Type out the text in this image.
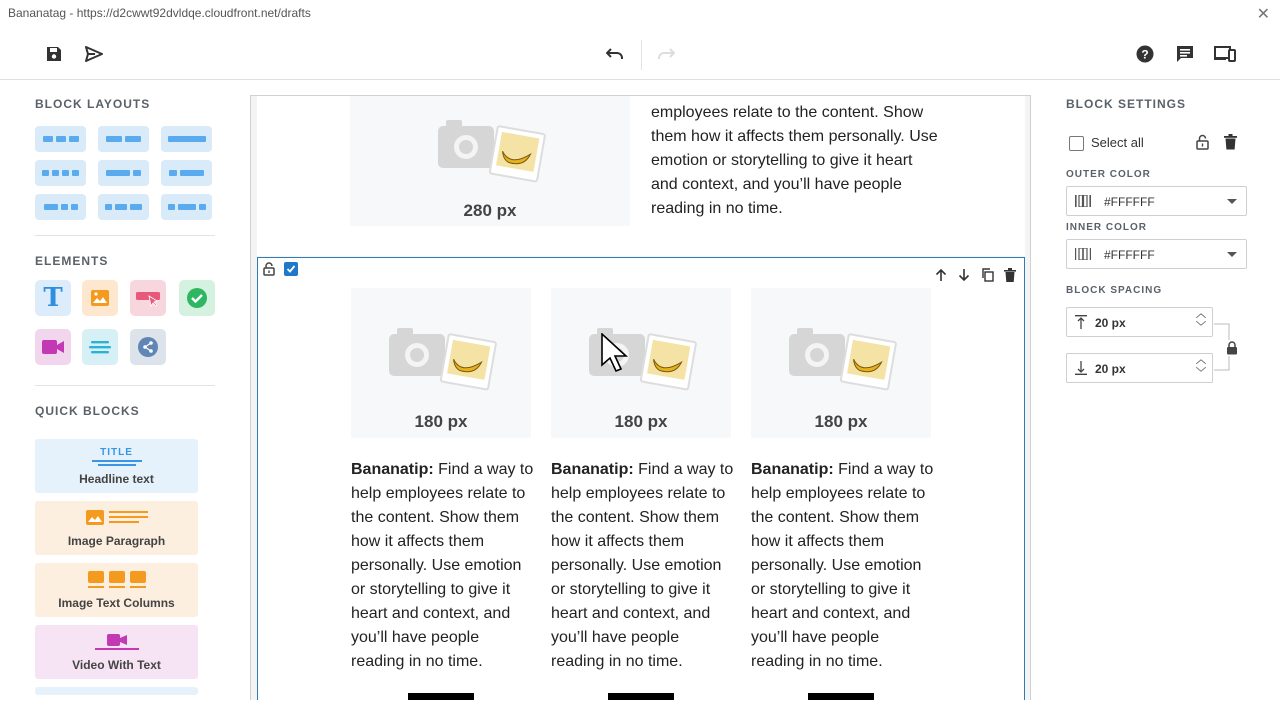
Bananatag - https://d2cwwt92dvldqe.cloudfront.net/drafts	✕
?
BLOCK LAYOUTS
ELEMENTS
T
QUICK BLOCKS
TITLE
Headline text
Image Paragraph
Image Text Columns
Video With Text
280 px
employees relate to the content. Show them how it affects them personally. Use emotion or storytelling to give it heart and context, and you’ll have people reading in no time.
180 px
Bananatip: Find a way to help employees relate to the content. Show them how it affects them personally. Use emotion or storytelling to give it heart and context, and you’ll have people reading in no time.
180 px
Bananatip: Find a way to help employees relate to the content. Show them how it affects them personally. Use emotion or storytelling to give it heart and context, and you’ll have people reading in no time.
180 px
Bananatip: Find a way to help employees relate to the content. Show them how it affects them personally. Use emotion or storytelling to give it heart and context, and you’ll have people reading in no time.
BLOCK SETTINGS
Select all
OUTER COLOR
#FFFFFF
INNER COLOR
#FFFFFF
BLOCK SPACING
20 px
︿
﹀
20 px
︿
﹀
